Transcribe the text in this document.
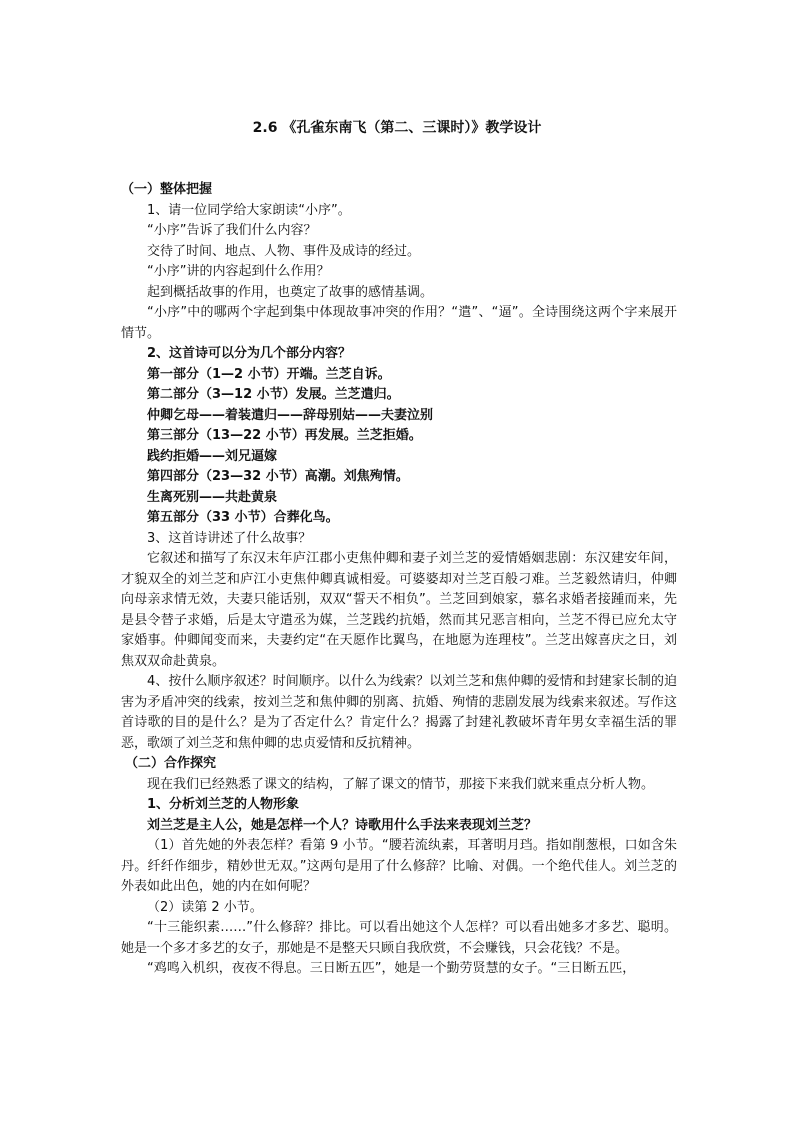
2.6 《孔雀东南飞（第二、三课时）》教学设计

（一）整体把握

1、请一位同学给大家朗读“小序”。

“小序”告诉了我们什么内容？

交待了时间、地点、人物、事件及成诗的经过。

“小序”讲的内容起到什么作用？

起到概括故事的作用，也奠定了故事的感情基调。

“小序”中的哪两个字起到集中体现故事冲突的作用？“遣”、“逼”。全诗围绕这两个字来展开情节。

2、这首诗可以分为几个部分内容？

第一部分（1—2 小节）开端。兰芝自诉。

第二部分（3—12 小节）发展。兰芝遣归。

仲卿乞母——着装遣归——辞母别姑——夫妻泣别

第三部分（13—22 小节）再发展。兰芝拒婚。

践约拒婚——刘兄逼嫁

第四部分（23—32 小节）高潮。刘焦殉情。

生离死别——共赴黄泉

第五部分（33 小节）合葬化鸟。

3、这首诗讲述了什么故事？

它叙述和描写了东汉末年庐江郡小吏焦仲卿和妻子刘兰芝的爱情婚姻悲剧：东汉建安年间，才貌双全的刘兰芝和庐江小吏焦仲卿真诚相爱。可婆婆却对兰芝百般刁难。兰芝毅然请归，仲卿向母亲求情无效，夫妻只能话别，双双“誓天不相负”。兰芝回到娘家，慕名求婚者接踵而来，先是县令替子求婚，后是太守遣丞为媒，兰芝践约抗婚，然而其兄恶言相向，兰芝不得已应允太守家婚事。仲卿闻变而来，夫妻约定“在天愿作比翼鸟，在地愿为连理枝”。兰芝出嫁喜庆之日，刘焦双双命赴黄泉。

4、按什么顺序叙述？时间顺序。以什么为线索？以刘兰芝和焦仲卿的爱情和封建家长制的迫害为矛盾冲突的线索，按刘兰芝和焦仲卿的别离、抗婚、殉情的悲剧发展为线索来叙述。写作这首诗歌的目的是什么？是为了否定什么？肯定什么？揭露了封建礼教破坏青年男女幸福生活的罪恶，歌颂了刘兰芝和焦仲卿的忠贞爱情和反抗精神。

（二）合作探究

现在我们已经熟悉了课文的结构，了解了课文的情节，那接下来我们就来重点分析人物。

1、分析刘兰芝的人物形象

刘兰芝是主人公，她是怎样一个人？诗歌用什么手法来表现刘兰芝？

（1）首先她的外表怎样？看第 9 小节。“腰若流纨素，耳著明月珰。指如削葱根，口如含朱丹。纤纤作细步，精妙世无双。”这两句是用了什么修辞？比喻、对偶。一个绝代佳人。刘兰芝的外表如此出色，她的内在如何呢？

（2）读第 2 小节。

“十三能织素……”什么修辞？排比。可以看出她这个人怎样？可以看出她多才多艺、聪明。她是一个多才多艺的女子，那她是不是整天只顾自我欣赏，不会赚钱，只会花钱？不是。

“鸡鸣入机织，夜夜不得息。三日断五匹”，她是一个勤劳贤慧的女子。“三日断五匹，
